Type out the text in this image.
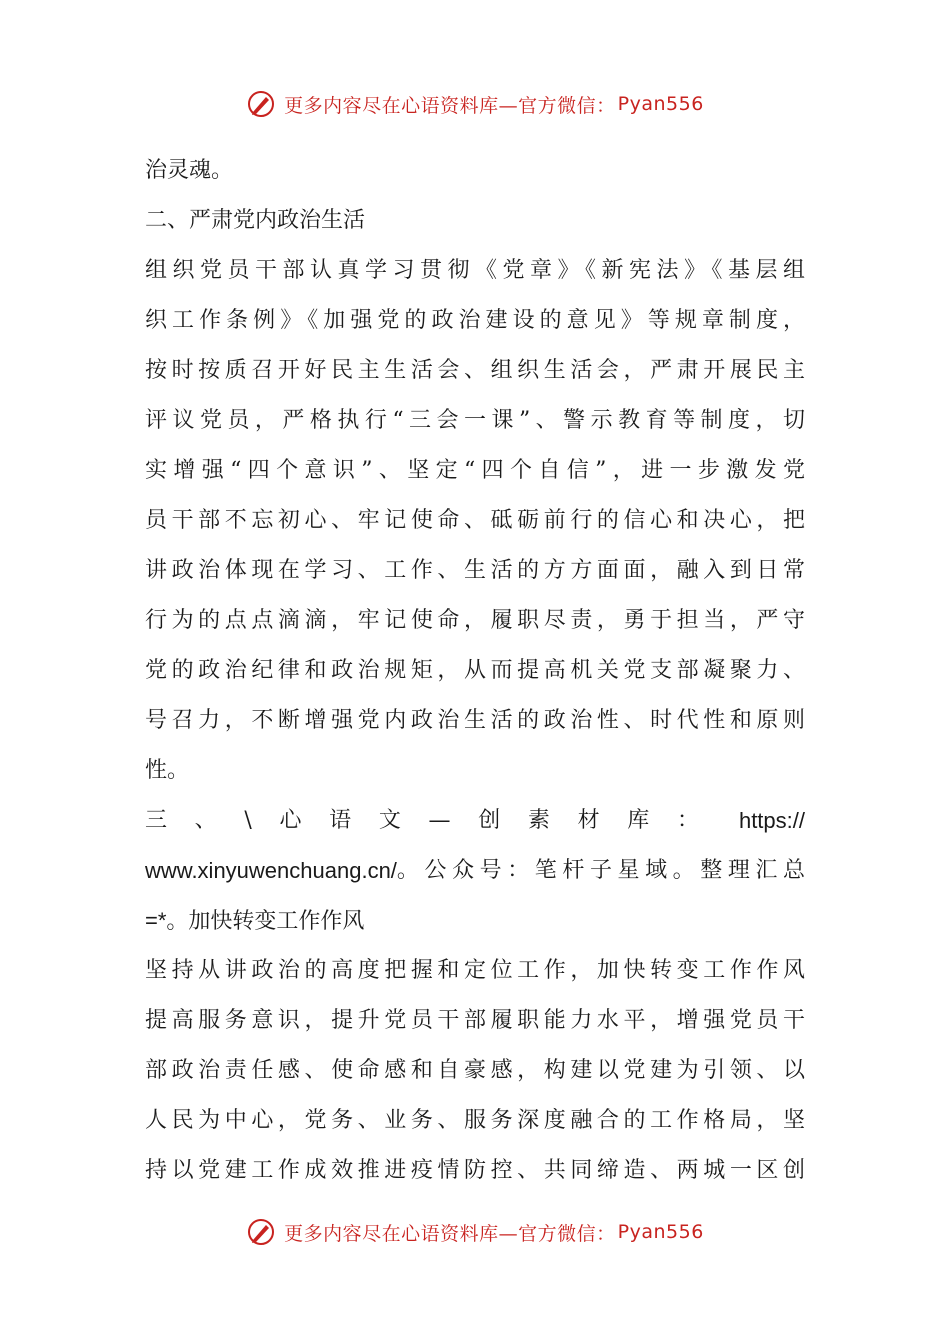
更多内容尽在心语资料库—官方微信： Pyan556
治灵魂。
二、严肃党内政治生活
组织党员干部认真学习贯彻《党章》《新宪法》《基层组
织工作条例》《加强党的政治建设的意见》等规章制度，
按时按质召开好民主生活会、组织生活会，严肃开展民主
评议党员，严格执行“三会一课”、警示教育等制度，切
实增强“四个意识”、坚定“四个自信”，进一步激发党
员干部不忘初心、牢记使命、砥砺前行的信心和决心，把
讲政治体现在学习、工作、生活的方方面面，融入到日常
行为的点点滴滴，牢记使命，履职尽责，勇于担当，严守
党的政治纪律和政治规矩，从而提高机关党支部凝聚力、
号召力，不断增强党内政治生活的政治性、时代性和原则
性。
三、\心语文—创素材库：	https://
www.xinyuwenchuang.cn/ 。公众号：笔杆子星域。整理汇总
=*。加快转变工作作风
坚持从讲政治的高度把握和定位工作，加快转变工作作风
提高服务意识，提升党员干部履职能力水平，增强党员干
部政治责任感、使命感和自豪感，构建以党建为引领、以
人民为中心，党务、业务、服务深度融合的工作格局，坚
持以党建工作成效推进疫情防控、共同缔造、两城一区创
更多内容尽在心语资料库—官方微信： Pyan556
